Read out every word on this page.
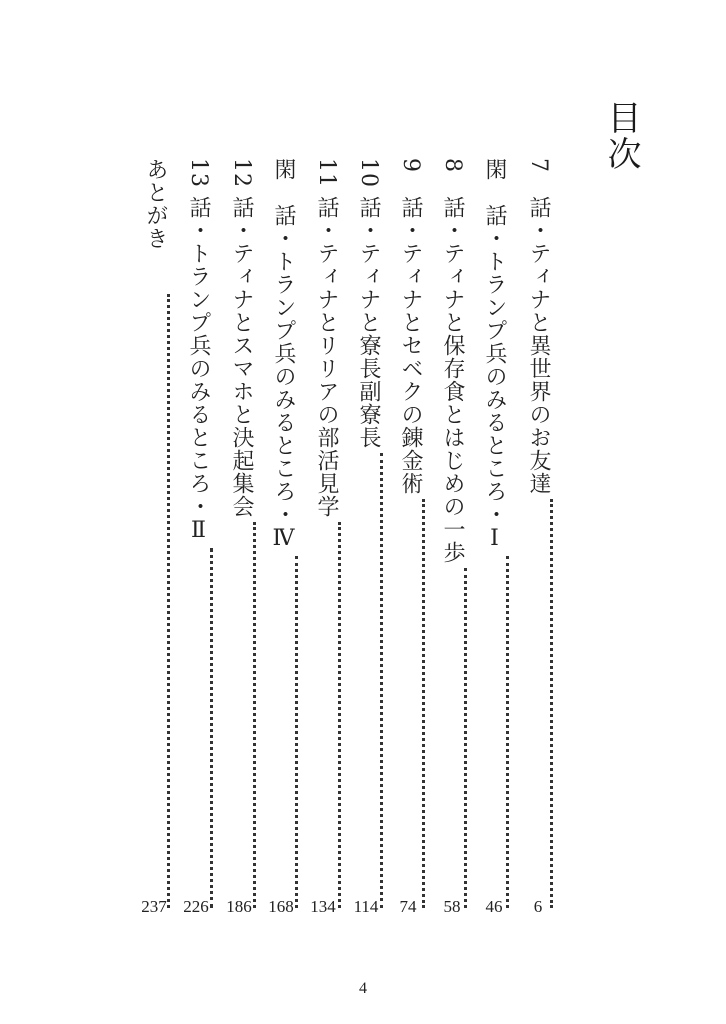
目次
7　話・ティナと異世界のお友達
6
閑　話・トランプ兵のみるところ・Ⅰ
46
8　話・ティナと保存食とはじめの一歩
58
9　話・ティナとセベクの錬金術
74
10 話・ティナと寮長副寮長
114
11 話・ティナとリリアの部活見学
134
閑　話・トランプ兵のみるところ・Ⅳ
168
12 話・ティナとスマホと決起集会
186
13 話・トランプ兵のみるところ・Ⅱ
226
あとがき
237
4
